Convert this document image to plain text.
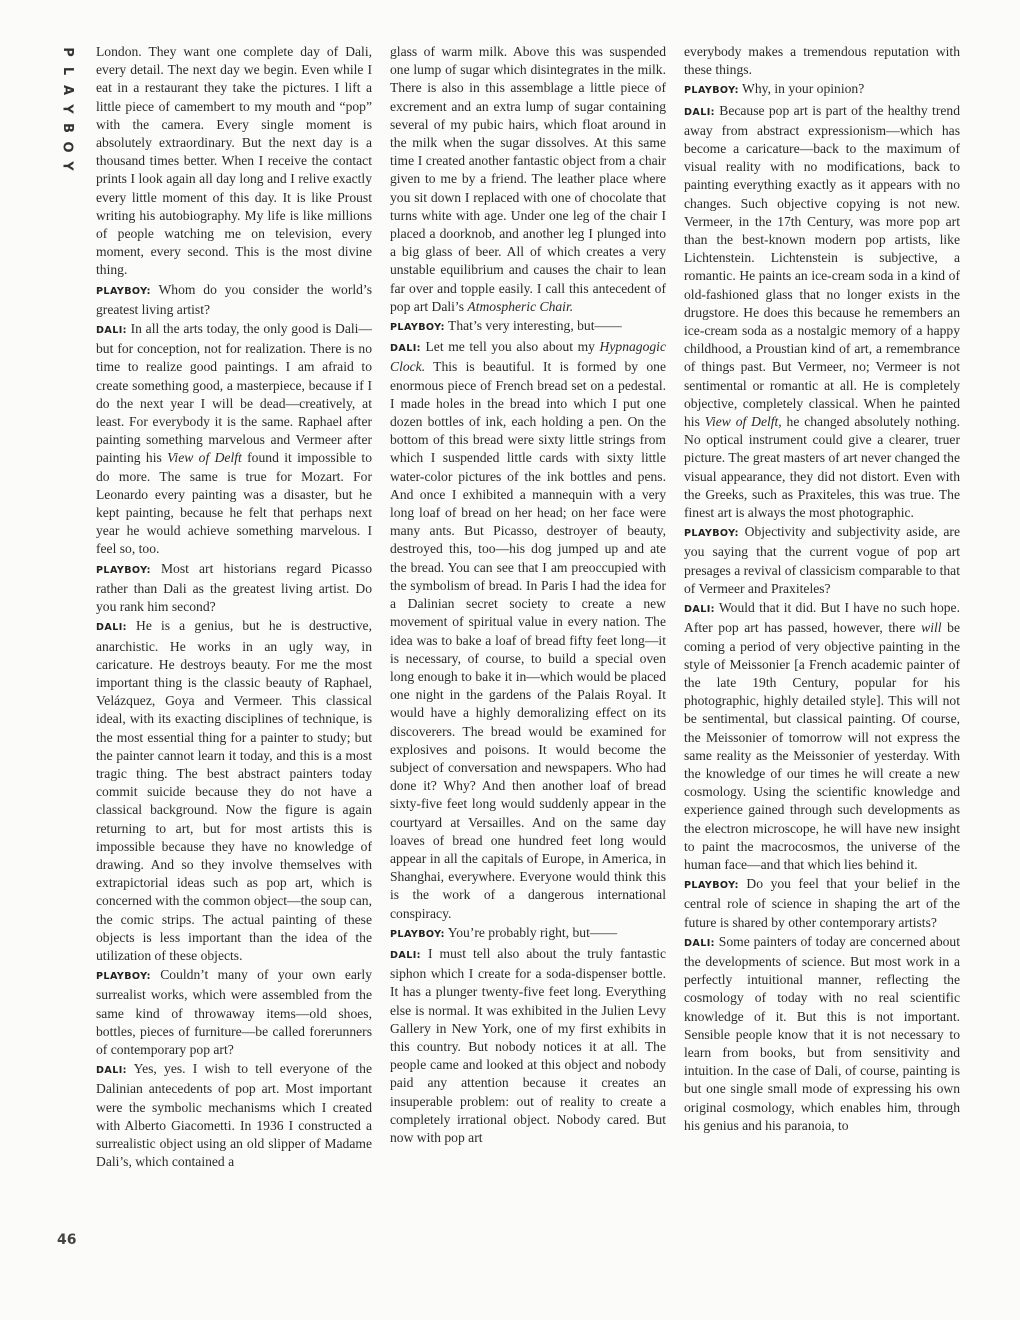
P
L
A
Y
B
O
Y
46

London. They want one complete day of Dali, every detail. The next day we begin. Even while I eat in a restaurant they take the pictures. I lift a little piece of camembert to my mouth and “pop” with the camera. Every single moment is absolutely extraordinary. But the next day is a thousand times better. When I receive the contact prints I look again all day long and I relive exactly every little moment of this day. It is like Proust writing his autobiography. My life is like millions of people watching me on television, every moment, every second. This is the most divine thing.

PLAYBOY: Whom do you consider the world’s greatest living artist?

DALI: In all the arts today, the only good is Dali—but for conception, not for realization. There is no time to realize good paintings. I am afraid to create something good, a masterpiece, because if I do the next year I will be dead—creatively, at least. For everybody it is the same. Raphael after painting something marvelous and Vermeer after painting his View of Delft found it impossible to do more. The same is true for Mozart. For Leonardo every painting was a disaster, but he kept painting, because he felt that perhaps next year he would achieve something marvelous. I feel so, too.

PLAYBOY: Most art historians regard Picasso rather than Dali as the greatest living artist. Do you rank him second?

DALI: He is a genius, but he is destructive, anarchistic. He works in an ugly way, in caricature. He destroys beauty. For me the most important thing is the classic beauty of Raphael, Velázquez, Goya and Vermeer. This classical ideal, with its exacting disciplines of technique, is the most essential thing for a painter to study; but the painter cannot learn it today, and this is a most tragic thing. The best abstract painters today commit suicide because they do not have a classical background. Now the figure is again returning to art, but for most artists this is impossible because they have no knowledge of drawing. And so they involve themselves with extrapictorial ideas such as pop art, which is concerned with the common object—the soup can, the comic strips. The actual painting of these objects is less important than the idea of the utilization of these objects.

PLAYBOY: Couldn’t many of your own early surrealist works, which were assembled from the same kind of throwaway items—old shoes, bottles, pieces of furniture—be called forerunners of contemporary pop art?

DALI: Yes, yes. I wish to tell everyone of the Dalinian antecedents of pop art. Most important were the symbolic mechanisms which I created with Alberto Giacometti. In 1936 I constructed a surrealistic object using an old slipper of Madame Dali’s, which contained a

glass of warm milk. Above this was suspended one lump of sugar which disintegrates in the milk. There is also in this assemblage a little piece of excrement and an extra lump of sugar containing several of my pubic hairs, which float around in the milk when the sugar dissolves. At this same time I created another fantastic object from a chair given to me by a friend. The leather place where you sit down I replaced with one of chocolate that turns white with age. Under one leg of the chair I placed a doorknob, and another leg I plunged into a big glass of beer. All of which creates a very unstable equilibrium and causes the chair to lean far over and topple easily. I call this antecedent of pop art Dali’s Atmospheric Chair.

PLAYBOY: That’s very interesting, but——

DALI: Let me tell you also about my Hypnagogic Clock. This is beautiful. It is formed by one enormous piece of French bread set on a pedestal. I made holes in the bread into which I put one dozen bottles of ink, each holding a pen. On the bottom of this bread were sixty little strings from which I suspended little cards with sixty little water-color pictures of the ink bottles and pens. And once I exhibited a mannequin with a very long loaf of bread on her head; on her face were many ants. But Picasso, destroyer of beauty, destroyed this, too—his dog jumped up and ate the bread. You can see that I am preoccupied with the symbolism of bread. In Paris I had the idea for a Dalinian secret society to create a new movement of spiritual value in every nation. The idea was to bake a loaf of bread fifty feet long—it is necessary, of course, to build a special oven long enough to bake it in—which would be placed one night in the gardens of the Palais Royal. It would have a highly demoralizing effect on its discoverers. The bread would be examined for explosives and poisons. It would become the subject of conversation and newspapers. Who had done it? Why? And then another loaf of bread sixty-five feet long would suddenly appear in the courtyard at Versailles. And on the same day loaves of bread one hundred feet long would appear in all the capitals of Europe, in America, in Shanghai, everywhere. Everyone would think this is the work of a dangerous international conspiracy.

PLAYBOY: You’re probably right, but——

DALI: I must tell also about the truly fantastic siphon which I create for a soda-dispenser bottle. It has a plunger twenty-five feet long. Everything else is normal. It was exhibited in the Julien Levy Gallery in New York, one of my first exhibits in this country. But nobody notices it at all. The people came and looked at this object and nobody paid any attention because it creates an insuperable problem: out of reality to create a completely irrational object. Nobody cared. But now with pop art

everybody makes a tremendous reputation with these things.

PLAYBOY: Why, in your opinion?

DALI: Because pop art is part of the healthy trend away from abstract expressionism—which has become a caricature—back to the maximum of visual reality with no modifications, back to painting everything exactly as it appears with no changes. Such objective copying is not new. Vermeer, in the 17th Century, was more pop art than the best-known modern pop artists, like Lichtenstein. Lichtenstein is subjective, a romantic. He paints an ice-cream soda in a kind of old-fashioned glass that no longer exists in the drugstore. He does this because he remembers an ice-cream soda as a nostalgic memory of a happy childhood, a Proustian kind of art, a remembrance of things past. But Vermeer, no; Vermeer is not sentimental or romantic at all. He is completely objective, completely classical. When he painted his View of Delft, he changed absolutely nothing. No optical instrument could give a clearer, truer picture. The great masters of art never changed the visual appearance, they did not distort. Even with the Greeks, such as Praxiteles, this was true. The finest art is always the most photographic.

PLAYBOY: Objectivity and subjectivity aside, are you saying that the current vogue of pop art presages a revival of classicism comparable to that of Vermeer and Praxiteles?

DALI: Would that it did. But I have no such hope. After pop art has passed, however, there will be coming a period of very objective painting in the style of Meissonier [a French academic painter of the late 19th Century, popular for his photographic, highly detailed style]. This will not be sentimental, but classical painting. Of course, the Meissonier of tomorrow will not express the same reality as the Meissonier of yesterday. With the knowledge of our times he will create a new cosmology. Using the scientific knowledge and experience gained through such developments as the electron microscope, he will have new insight to paint the macrocosmos, the universe of the human face—and that which lies behind it.

PLAYBOY: Do you feel that your belief in the central role of science in shaping the art of the future is shared by other contemporary artists?

DALI: Some painters of today are concerned about the developments of science. But most work in a perfectly intuitional manner, reflecting the cosmology of today with no real scientific knowledge of it. But this is not important. Sensible people know that it is not necessary to learn from books, but from sensitivity and intuition. In the case of Dali, of course, painting is but one single small mode of expressing his own original cosmology, which enables him, through his genius and his paranoia, to
